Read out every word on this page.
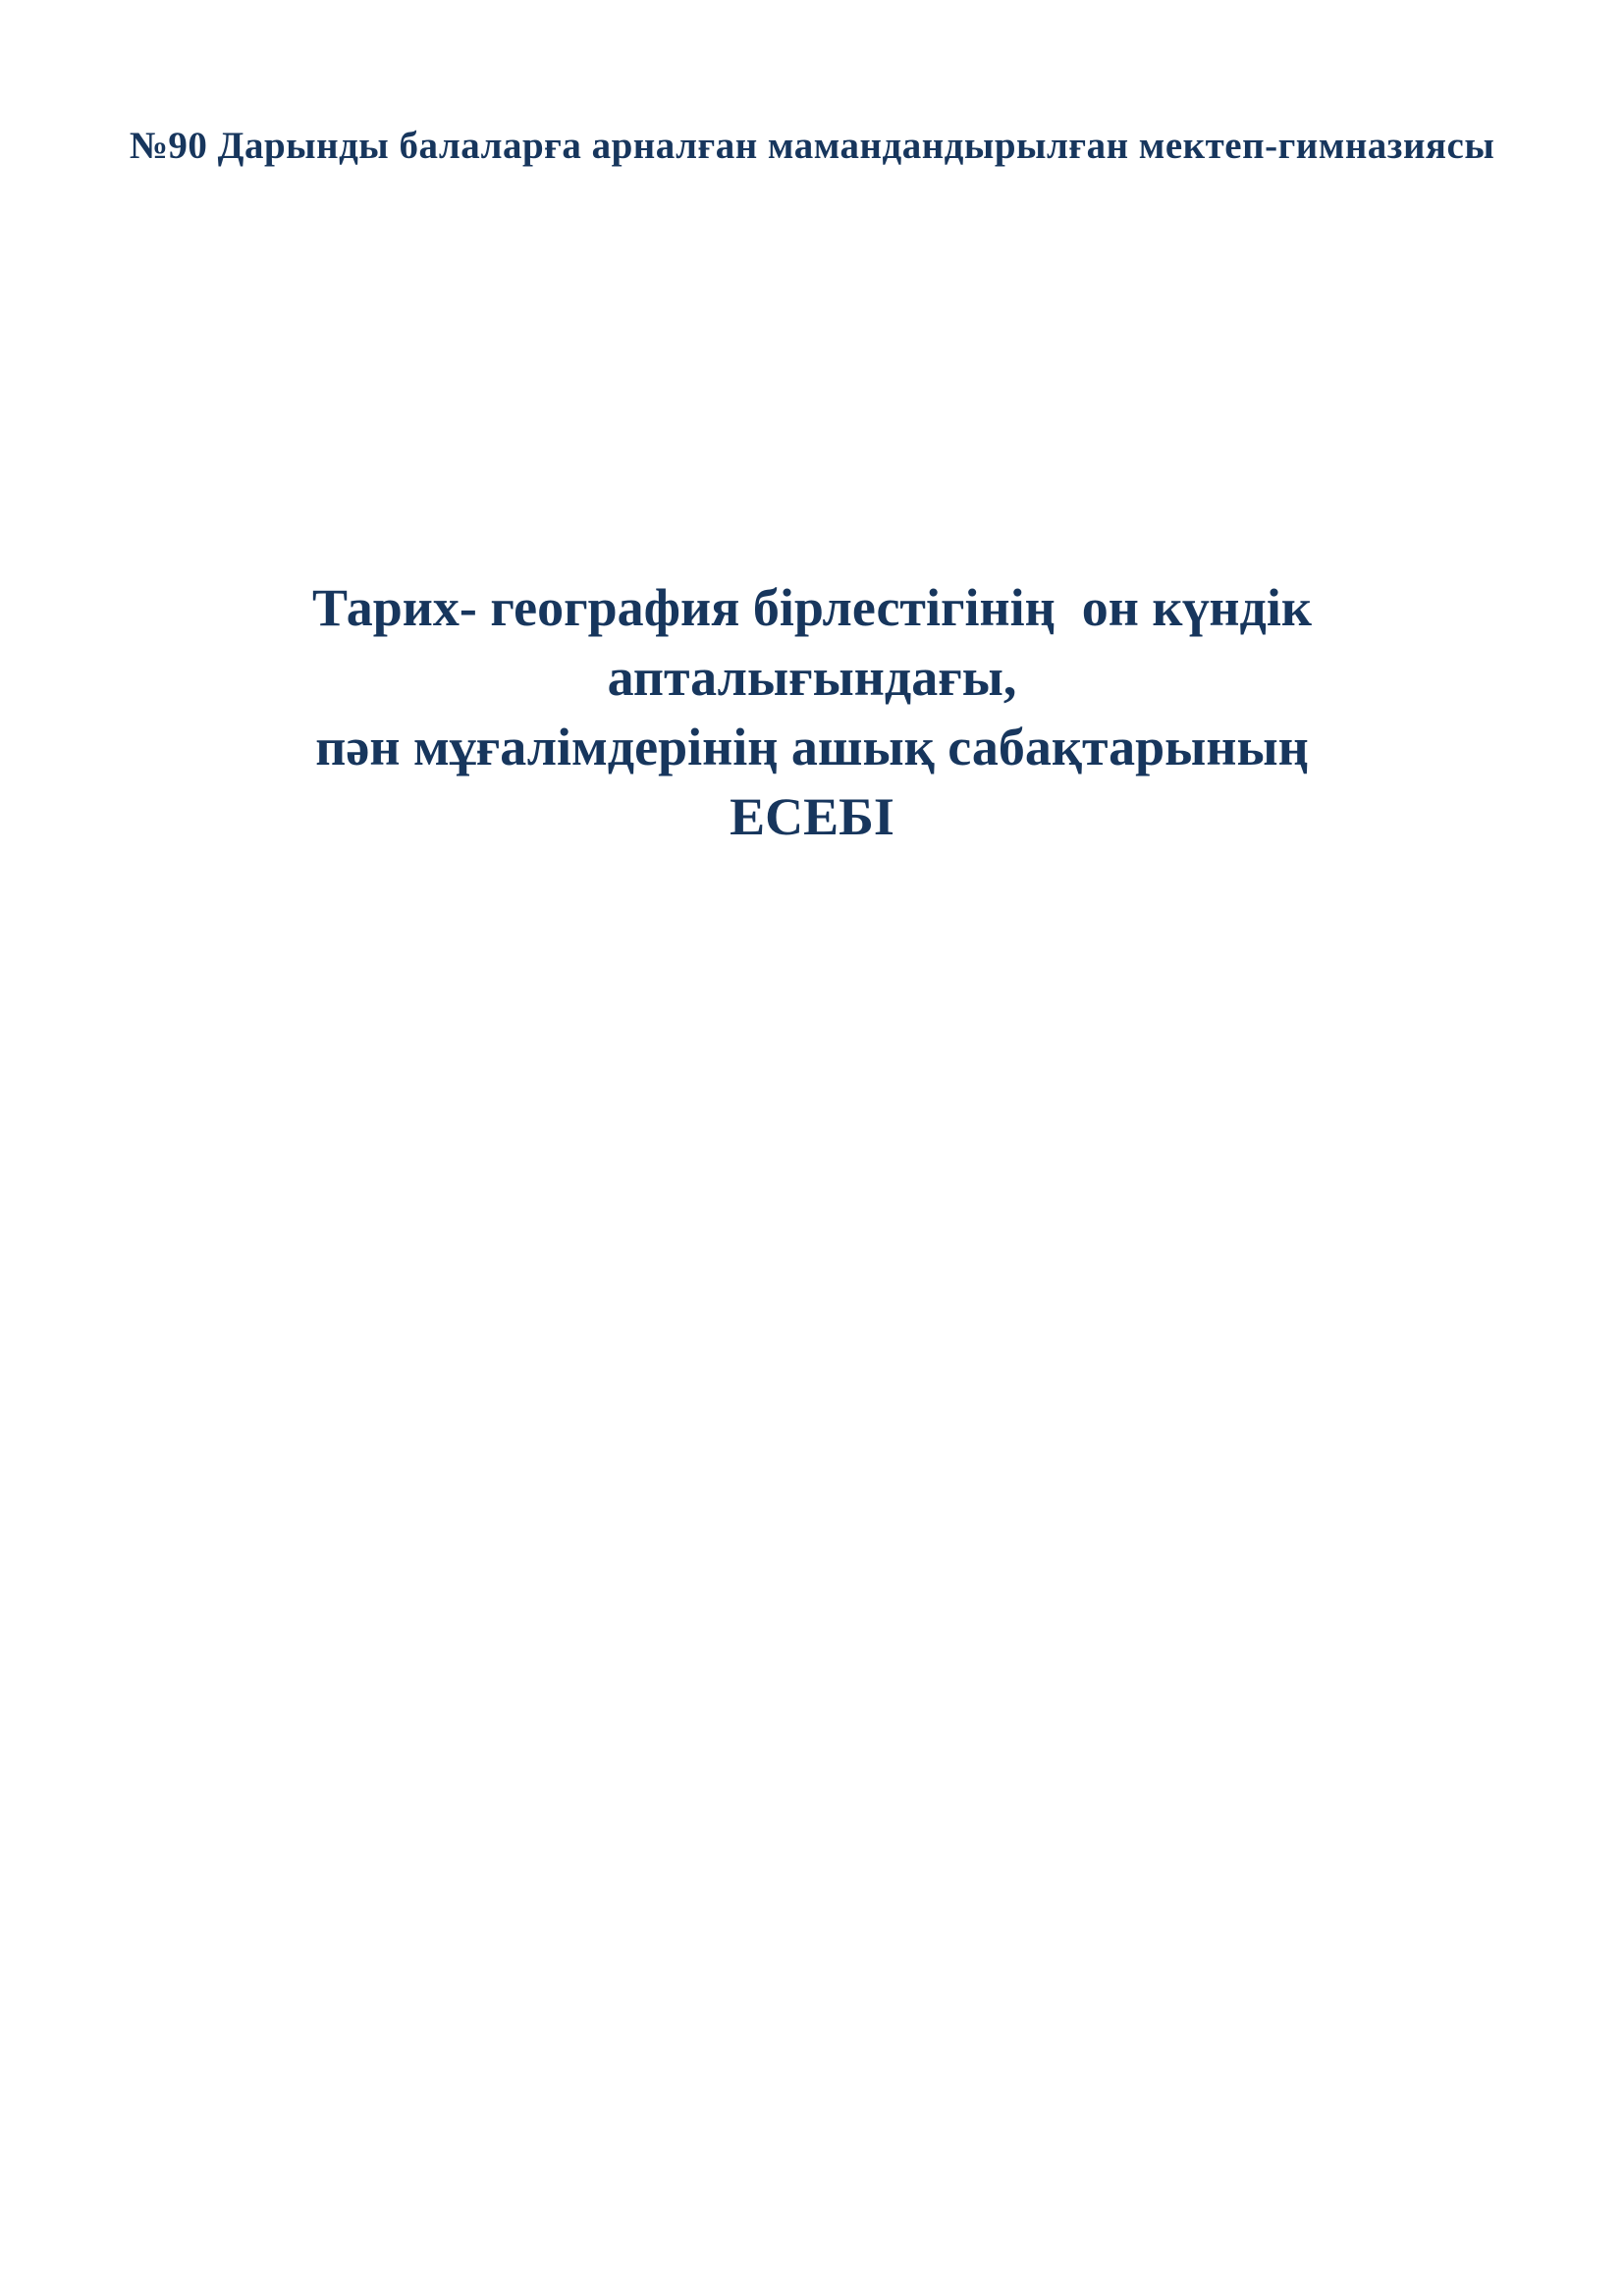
№90 Дарынды балаларға арналған мамандандырылған мектеп-гимназиясы
Тарих- география бірлестігінің  он күндік
апталығындағы,
пән мұғалімдерінің ашық сабақтарының
ЕСЕБІ
